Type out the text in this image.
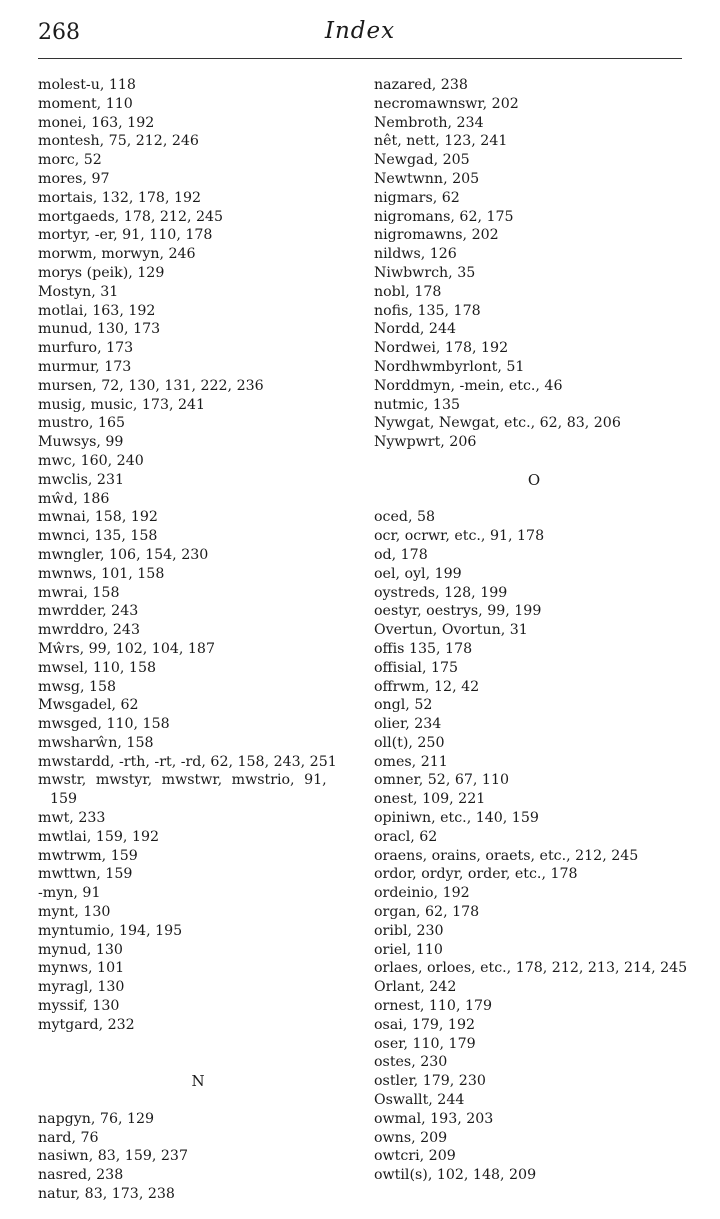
268	Index
molest-u, 118
moment, 110
monei, 163, 192
montesh, 75, 212, 246
morc, 52
mores, 97
mortais, 132, 178, 192
mortgaeds, 178, 212, 245
mortyr, -er, 91, 110, 178
morwm, morwyn, 246
morys (peik), 129
Mostyn, 31
motlai, 163, 192
munud, 130, 173
murfuro, 173
murmur, 173
mursen, 72, 130, 131, 222, 236
musig, music, 173, 241
mustro, 165
Muwsys, 99
mwc, 160, 240
mwclis, 231
mŵd, 186
mwnai, 158, 192
mwnci, 135, 158
mwngler, 106, 154, 230
mwnws, 101, 158
mwrai, 158
mwrdder, 243
mwrddro, 243
Mŵrs, 99, 102, 104, 187
mwsel, 110, 158
mwsg, 158
Mwsgadel, 62
mwsged, 110, 158
mwsharŵn, 158
mwstardd, -rth, -rt, -rd, 62, 158, 243, 251
mwstr, mwstyr, mwstwr, mwstrio, 91,
159
mwt, 233
mwtlai, 159, 192
mwtrwm, 159
mwttwn, 159
-myn, 91
mynt, 130
myntumio, 194, 195
mynud, 130
mynws, 101
myragl, 130
myssif, 130
mytgard, 232
N
napgyn, 76, 129
nard, 76
nasiwn, 83, 159, 237
nasred, 238
natur, 83, 173, 238
nazared, 238
necromawnswr, 202
Nembroth, 234
nêt, nett, 123, 241
Newgad, 205
Newtwnn, 205
nigmars, 62
nigromans, 62, 175
nigromawns, 202
nildws, 126
Niwbwrch, 35
nobl, 178
nofis, 135, 178
Nordd, 244
Nordwei, 178, 192
Nordhwmbyrlont, 51
Norddmyn, -mein, etc., 46
nutmic, 135
Nywgat, Newgat, etc., 62, 83, 206
Nywpwrt, 206
O
oced, 58
ocr, ocrwr, etc., 91, 178
od, 178
oel, oyl, 199
oystreds, 128, 199
oestyr, oestrys, 99, 199
Overtun, Ovortun, 31
offis 135, 178
offisial, 175
offrwm, 12, 42
ongl, 52
olier, 234
oll(t), 250
omes, 211
omner, 52, 67, 110
onest, 109, 221
opiniwn, etc., 140, 159
oracl, 62
oraens, orains, oraets, etc., 212, 245
ordor, ordyr, order, etc., 178
ordeinio, 192
organ, 62, 178
oribl, 230
oriel, 110
orlaes, orloes, etc., 178, 212, 213, 214, 245
Orlant, 242
ornest, 110, 179
osai, 179, 192
oser, 110, 179
ostes, 230
ostler, 179, 230
Oswallt, 244
owmal, 193, 203
owns, 209
owtcri, 209
owtil(s), 102, 148, 209
